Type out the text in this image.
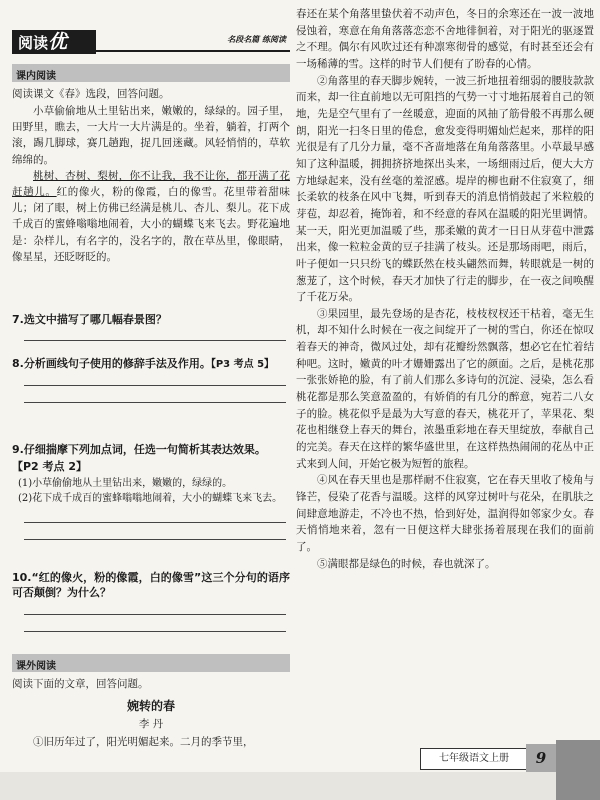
阅读优	名段名篇 练阅读
课内阅读

阅读课文《春》选段，回答问题。

小草偷偷地从土里钻出来，嫩嫩的，绿绿的。园子里，田野里，瞧去，一大片一大片满是的。坐着，躺着，打两个滚，踢几脚球，赛几趟跑，捉几回迷藏。风轻悄悄的，草软绵绵的。

桃树、杏树、梨树，你不让我，我不让你，都开满了花赶趟儿。红的像火，粉的像霞，白的像雪。花里带着甜味儿；闭了眼，树上仿佛已经满是桃儿、杏儿、梨儿。花下成千成百的蜜蜂嗡嗡地闹着，大小的蝴蝶飞来飞去。野花遍地是：杂样儿，有名字的，没名字的，散在草丛里，像眼睛，像星星，还眨呀眨的。

7.选文中描写了哪几幅春景图？

8.分析画线句子使用的修辞手法及作用。【P3 考点 5】

9.仔细揣摩下列加点词，任选一句简析其表达效果。

【P2 考点 2】

(1)小草偷偷地从土里钻出来，嫩嫩的，绿绿的。

(2)花下成千成百的蜜蜂嗡嗡地闹着，大小的蝴蝶飞来飞去。

10.“红的像火，粉的像霞，白的像雪”这三个分句的语序可否颠倒？为什么？

课外阅读

阅读下面的文章，回答问题。

婉转的春
李 丹

①旧历年过了，阳光明媚起来。二月的季节里，

春还在某个角落里蛰伏着不动声色，冬日的余寒还在一波一波地侵蚀着，寒意在角角落落恋恋不舍地徘徊着，对于阳光的驱逐置之不理。偶尔有风吹过还有种凛寒彻骨的感觉，有时甚至还会有一场稀薄的雪。这样的时节人们便有了盼春的心情。

②角落里的春天脚步婉转，一波三折地扭着细弱的腰肢款款而来，却一往直前地以无可阻挡的气势一寸寸地拓展着自己的领地，先是空气里有了一丝暖意，迎面的风抽了筋骨般不再那么硬朗，阳光一扫冬日里的倦怠，愈发变得明媚灿烂起来，那样的阳光很是有了几分力量，毫不吝啬地落在角角落落里。小草最早感知了这种温暖，拥拥挤挤地探出头来，一场细雨过后，便大大方方地绿起来，没有丝毫的羞涩感。堤岸的柳也耐不住寂寞了，细长柔软的枝条在风中飞舞，听到春天的消息悄悄鼓起了米粒般的芽苞，却忍着，掩饰着，和不经意的春风在温暖的阳光里调情。某一天，阳光更加温暖了些，那柔嫩的黄才一日日从芽苞中泄露出来，像一粒粒金黄的豆子挂满了枝头。还是那场雨吧，雨后，叶子便如一只只纷飞的蝶跃然在枝头翩然而舞，转眼就是一树的葱茏了，这个时候，春天才加快了行走的脚步，在一夜之间唤醒了千花万朵。

③果园里，最先登场的是杏花，枝枝杈杈还干枯着，毫无生机，却不知什么时候在一夜之间绽开了一树的雪白，你还在惊叹着春天的神奇，微风过处，却有花瓣纷然飘落，想必它在忙着结种吧。这时，嫩黄的叶才姗姗露出了它的颜面。之后，是桃花那一张张娇艳的脸，有了前人们那么多诗句的沉淀、浸染，怎么看桃花都是那么笑意盈盈的，有娇俏的有几分的醉意，宛若二八女子的脸。桃花似乎是最为大写意的春天，桃花开了，苹果花、梨花也相继登上春天的舞台，浓墨重彩地在春天里绽放，奉献自己的完美。春天在这样的繁华盛世里，在这样热热闹闹的花丛中正式来到人间，开始它极为短暂的旅程。

④风在春天里也是那样耐不住寂寞，它在春天里收了棱角与锋芒，侵染了花香与温暖。这样的风穿过树叶与花朵，在肌肤之间肆意地游走，不冷也不热，恰到好处，温润得如邻家少女。春天悄悄地来着，忽有一日便这样大肆张扬着展现在我们的面前了。

⑤满眼都是绿色的时候，春也就深了。

七年级语文上册	9
